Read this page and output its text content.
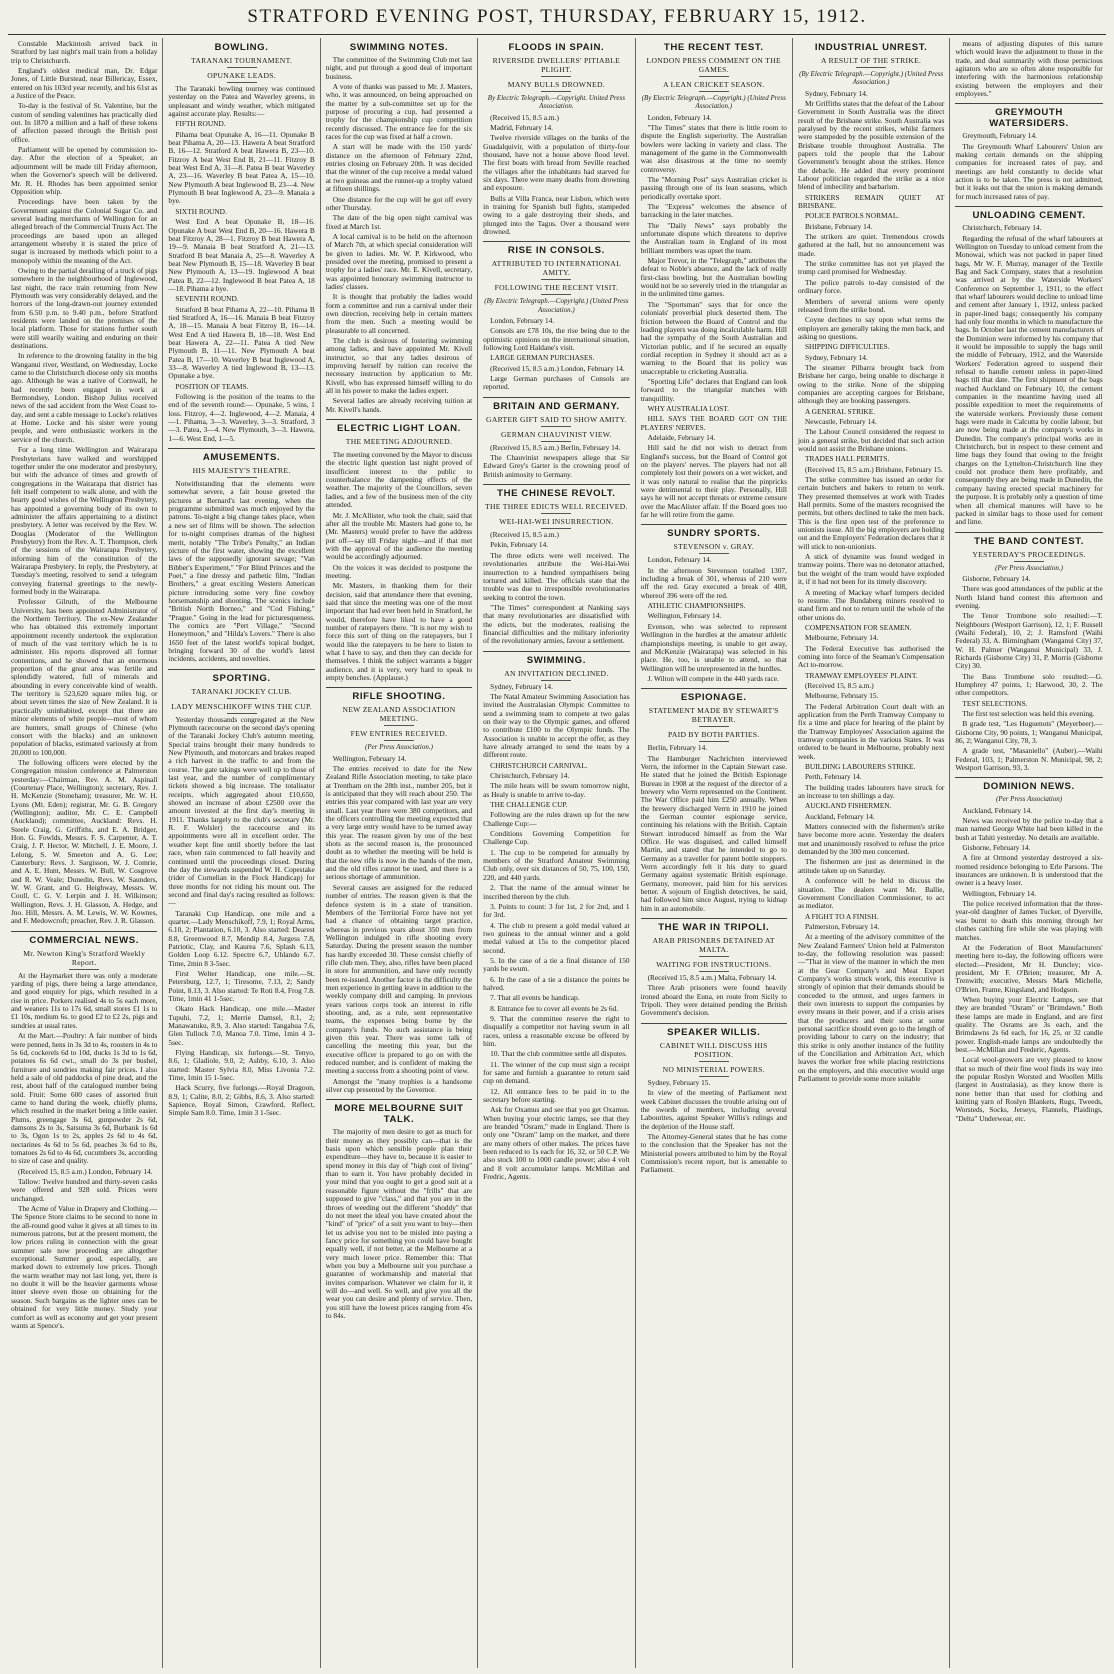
STRATFORD EVENING POST, THURSDAY, FEBRUARY 15, 1912.

Constable Mackintosh arrived back in Stratford by last night's mail train from a holiday trip to Christchurch.

England's oldest medical man, Dr. Edgar Jones, of Little Burstead, near Billericay, Essex, entered on his 103rd year recently, and his 61st as a Justice of the Peace.

To-day is the festival of St. Valentine, but the custom of sending valentines has practically died out. In 1870 a million and a half of these tokens of affection passed through the British post office.

Parliament will be opened by commission to-day. After the election of a Speaker, an adjournment will be made till Friday afternoon, when the Governor's speech will be delivered. Mr. R. H. Rhodes has been appointed senior Opposition whip.

Proceedings have been taken by the Government against the Colonial Sugar Co. and several leading merchants of Wellington for an alleged breach of the Commercial Trusts Act. The proceedings are based upon an alleged arrangement whereby it is stated the price of sugar is increased by methods which point to a monopoly within the meaning of the Act.

Owing to the partial derailing of a truck of pigs somewhere in the neighbourhood of Inglewood, last night, the race train returning from New Plymouth was very considerably delayed, and the horrors of the long-drawn-out journey extended from 6.50 p.m. to 9.40 p.m., before Stratford residents were landed on the premises of the local platform. Those for stations further south were still wearily waiting and enduring on their destinations.

In reference to the drowning fatality in the big Wanganui river, Westland, on Wednesday, Locke came to the Christchurch diocese only six months ago. Although he was a native of Cornwall, he had recently been engaged in work at Bermondsey, London. Bishop Julius received news of the sad accident from the West Coast to-day, and sent a cable message to Locke's relatives at Home. Locke and his sister were young people, and were enthusiastic workers in the service of the church.

For a long time Wellington and Wairarapa Presbyterians have walked and worshipped together under the one moderator and presbytery, but with the advance of times and growth of congregations in the Wairarapa that district has felt itself competent to walk alone, and with the hearty good wishes of the Wellington Presbytery, has appointed a governing body of its own to administer the affairs appertaining to a distinct presbytery. A letter was received by the Rev. W. Douglas (Moderator of the Wellington Presbytery) from the Rev. A. T. Thompson, clerk of the sessions of the Wairarapa Presbytery, informing him of the constitution of the Wairarapa Presbytery. In reply, the Presbytery, at Tuesday's meeting, resolved to send a telegram conveying fraternal greetings to the newly-formed body in the Wairarapa.

Professor Gilruth, of the Melbourne University, has been appointed Administrator of the Northern Territory. The ex-New Zealander who has obtained this extremely important appointment recently undertook the exploration of much of the vast territory which he is to administer. His reports disproved all former contentions, and he showed that an enormous proportion of the great area was fertile and splendidly watered, full of minerals and abounding in every conceivable kind of wealth. The territory is 523,620 square miles big, or about seven times the size of New Zealand. It is practically uninhabited, except that there are minor elements of white people—most of whom are hunters, small groups of Chinese (who consort with the blacks) and an unknown population of blacks, estimated variously at from 20,000 to 100,000.

The following officers were elected by the Congregation mission conference at Palmerston yesterday:—Chairman, Rev. A. M. Aspinall (Courtenay Place, Wellington); secretary, Rev. J. H. McKenzie (Stoneham); treasurer, Mr. W. H. Lyons (Mt. Eden); registrar, Mr. G. B. Gregory (Wellington); auditor, Mr. C. E. Campbell (Auckland); committee, Auckland: Revs. H. Steele Craig, G. Griffiths, and E. A. Bridger, Hon. G. Fowlds, Messrs. F. S. Carpenter, A. T. Craig, J. P. Hector, W. Mitchell, J. E. Moore, J. Lelong, S. W. Smeeton and A. G. Lee; Canterbury: Revs. J. Sargisson, W. J. Comrie, and A. E. Hunt, Messrs. W. Bull, W. Cosgrove and R. W. Veale; Dunedin, Revs. W. Saunders, W. W. Grant, and G. Heighway, Messrs. W. Coull, C. G. V. Lerpin and J. H. Wilkinson; Wellington, Revs. J. H. Glasson, A. Hedge, and Jno. Hill, Messrs. A. M. Lewis, W. W. Kownes, and F. Medowcroft; preacher, Rev. J. R. Glasson.

COMMERCIAL NEWS.
Mr. Newton King's Stratford Weekly Report.

At the Haymarket there was only a moderate yarding of pigs, there being a large attendance, and good enquiry for pigs, which resulted in a rise in price. Porkers realised 4s to 5s each more, and weaners 11s to 17s 6d, small stores £1 1s to £1 10s, medium 6s. to good £2 to £2 2s, pigs and sundries at usual rates.

At the Mart.—Poultry: A fair number of birds were penned, hens in 3s 3d to 4s, roosters in 4s to 5s 6d, cockerels 6d to 10d, ducks 1s 3d to 1s 6d, potatoes 6s 6d cwt., small do 3s per bushel, furniture and sundries making fair prices. I also held a sale of old paddocks of pine dead, and the rest, about half of the catalogued number being sold. Fruit: Some 600 cases of assorted fruit came to hand during the week, chiefly plums, which resulted in the market being a little easier. Plums, greengage 3s 6d, gunpowder 2s 6d, damsons 2s to 3s, Satsuma 3s 6d, Burbank 1s 6d to 3s, Ogon 1s to 2s, apples 2s 6d to 4s 6d, nectarines 4s 6d to 5s 6d, peaches 3s 6d to 8s, tomatoes 2s 6d to 4s 6d, cucumbers 3s, according to size of case and quality.

(Received 15, 8.5 a.m.) London, February 14.

Tallow: Twelve hundred and thirty-seven casks were offered and 928 sold. Prices were unchanged.

The Acme of Value in Drapery and Clothing.—The Spence Store claims to be second to none in the all-round good value it gives at all times to its numerous patrons, but at the present moment, the low prices ruling in connection with the great summer sale now proceeding are altogether exceptional. Summer good, especially, are marked down to extremely low prices. Though the warm weather may not last long, yet, there is no doubt it will be the heavier garments whose inner sleeve even those on obtaining for the season. Such bargains as the lighter ones can be obtained for very little money. Study your comfort as well as economy and get your present wants at Spence's.

BOWLING.
TARANAKI TOURNAMENT.
OPUNAKE LEADS.

The Taranaki bowling tourney was continued yesterday on the Patea and Waverley greens, in unpleasant and windy weather, which mitigated against accurate play. Results:—

FIFTH ROUND.

Pihama beat Opunake A, 16—11. Opunake B beat Pihama A, 20—13. Hawera A beat Stratford B, 16—12. Stratford A beat Hawera B, 23—10. Fitzroy A beat West End B, 21—11. Fitzroy B beat West End A, 31—8. Patea B beat Waverley A, 23—16. Waverley B beat Patea A, 15—10. New Plymouth A beat Inglewood B, 23—4. New Plymouth B beat Inglewood A, 23—9. Manaia a bye.

SIXTH ROUND.

West End A beat Opunake B, 18—16. Opunake A beat West End B, 20—16. Hawera B beat Fitzroy A, 28—1. Fitzroy B beat Hawera A, 19—9. Manaia B beat Stratford A, 21—13. Stratford B beat Manaia A, 25—8. Waverley A beat New Plymouth B, 15—18. Waverley B beat New Plymouth A, 13—19. Inglewood A beat Patea B, 22—12. Inglewood B beat Patea A, 18—18. Pihama a bye.

SEVENTH ROUND.

Stratford B beat Pihama A, 22—10. Pihama B tied Stratford A, 16—16. Manaia B beat Fitzroy A, 18—15. Manaia A beat Fitzroy B, 16—14. West End A tied Hawera B, 18—18. West End beat Hawera A, 22—11. Patea A tied New Plymouth B, 11—11. New Plymouth A beat Patea B, 17—10. Waverley B beat Inglewood A, 33—8. Waverley A tied Inglewood B, 13—13. Opunake a bye.

POSITION OF TEAMS.

Following is the position of the teams to the end of the seventh round:— Opunake, 5 wins, 1 loss. Fitzroy, 4—2. Inglewood, 4—2. Manaia, 4—1. Pihama, 3—3. Waverley, 3—3. Stratford, 3—3. Patea, 3—4. New Plymouth, 3—3. Hawera, 1—6. West End, 1—5.

AMUSEMENTS.
HIS MAJESTY'S THEATRE.

Notwithstanding that the elements were somewhat severe, a fair house greeted the pictures at Bernard's last evening, when the programme submitted was much enjoyed by the patrons. To-night a big change takes place, when a new set of films will be shown. The selection for to-night comprises dramas of the highest merit, notably "The Tribe's Penalty," an Indian picture of the first water, showing the excellent laws of the supposedly ignorant savage; "Van Bibber's Experiment," "For Blind Princes and the Poet," a fine dressy and pathetic film, "Indian Brothers," a great exciting Western American picture introducing some very fine cowboy horsemanship and shooting. The scenics include "British North Borneo," and "Cod Fishing," "Prague." Going in the lead for picturesqueness. The comics are "Pert Village," "Second Honeymoon," and "Hilda's Lovers." There is also 1650 feet of the latest world's topical budget, bringing forward 30 of the world's latest incidents, accidents, and novelties.

SPORTING.
TARANAKI JOCKEY CLUB.
LADY MENSCHIKOFF WINS THE CUP.

Yesterday thousands congregated at the New Plymouth racecourse on the second day's opening of the Taranaki Jockey Club's autumn meeting. Special trains brought their many hundreds to New Plymouth, and motorcars and brakes reaped a rich harvest in the traffic to and from the course. The gate takings were well up to those of last year, and the number of complimentary tickets showed a big increase. The totalisator receipts, which aggregated about £10,650, showed an increase of about £2500 over the amount invested at the first day's meeting in 1911. Thanks largely to the club's secretary (Mr. R. F. Wolsler) the racecourse and its appointments were all in excellent order. The weather kept fine until shortly before the last race, when rain commenced to fall heavily and continued until the proceedings closed. During the day the stewards suspended W. H. Copestake (rider of Cornelian in the Flock Handicap) for three months for not riding his mount out. The second and final day's racing resulted as follows:—

Taranaki Cup Handicap, one mile and a quarter.—Lady Menschikoff, 7.9, 1; Royal Arms, 6.10, 2; Plantation, 6.10, 3. Also started: Dearest 8.8, Greenwood 8.7, Mendip 8.4, Jurgess 7.8, Patriotic, Clay, and Kaurea 7.6, Splash 6.13, Golden Loop 6.12. Spectre 6.7, Uhlando 6.7. Time, 2min 8 3-5sec.

First Welter Handicap, one mile.—St. Petersburg, 12.7, 1; Tiresome, 7.13, 2; Sandy Point, 8.13, 3. Also started: Te Roti 8.4, Frog 7.8. Time, 1min 41 1-5sec.

Okato Hack Handicap, one mile.—Master Tupuhi, 7.2, 1; Merrie Damsel, 8.1, 2; Manawatuku, 8.9, 3. Also started: Tangahua 7.6, Glen Tullock 7.0, Manoa 7.0. Time, 1min 4 3-5sec.

Flying Handicap, six furlongs.—St. Tenyo, 8.6, 1; Gladiole, 9.0, 2; Ashby, 6.10, 3. Also started: Master Sylvia 8.0, Miss Livonia 7.2. Time, 1min 15 1-5sec.

Hack Scurry, five furlongs.—Royal Dragoon, 8.9, 1; Calite, 8.0, 2; Gibbs, 8.6, 3. Also started: Sapience, Royal Simon, Crawford, Reflect, Simple Sam 8.0. Time, 1min 3 1-5sec.

SWIMMING NOTES.

The committee of the Swimming Club met last night, and put through a good deal of important business.

A vote of thanks was passed to Mr. J. Masters, who, it was announced, on being approached on the matter by a sub-committee set up for the purpose of procuring a cup, had presented a trophy for the championship cup competition recently discussed. The entrance fee for the six races for the cup was fixed at half a crown.

A start will be made with the 150 yards' distance on the afternoon of February 22nd, entries closing on February 20th. It was decided that the winner of the cup receive a medal valued at two guineas and the runner-up a trophy valued at fifteen shillings.

One distance for the cup will be got off every other Thursday.

The date of the big open night carnival was fixed at March 1st.

A local carnival is to be held on the afternoon of March 7th, at which special consideration will be given to ladies. Mr. W. P. Kirkwood, who presided over the meeting, promised to present a trophy for a ladies' race. Mr. E. Kivell, secretary, was appointed honorary swimming instructor to ladies' classes.

It is thought that probably the ladies would form a committee and run a carnival under their own direction, receiving help in certain matters from the men. Such a meeting would be pleasurable to all concerned.

The club is desirous of fostering swimming among ladies, and have appointed Mr. Kivell instructor, so that any ladies desirous of improving herself by tuition can receive the necessary instruction by application to Mr. Kivell, who has expressed himself willing to do all in his power to make the ladies expert.

Several ladies are already receiving tuition at Mr. Kivell's hands.

ELECTRIC LIGHT LOAN.
THE MEETING ADJOURNED.

The meeting convened by the Mayor to discuss the electric light question last night proved of insufficient interest to the public to counterbalance the dampening effects of the weather. The majority of the Councillors, seven ladies, and a few of the business men of the city attended.

Mr. J. McAllister, who took the chair, said that after all the trouble Mr. Masters had gone to, he (Mr. Masters) would prefer to have the address put off—say till Friday night—and if that met with the approval of the audience the meeting would be accordingly adjourned.

On the voices it was decided to postpone the meeting.

Mr. Masters, in thanking them for their decision, said that attendance there that evening, said that since the meeting was one of the most important that had ever been held in Stratford, he would, therefore have liked to have a good number of ratepayers there. "It is not my wish to force this sort of thing on the ratepayers, but I would like the ratepayers to be here to listen to what I have to say, and then they can decide for themselves. I think the subject warrants a bigger audience, and it is very, very hard to speak to empty benches. (Applause.)

RIFLE SHOOTING.
NEW ZEALAND ASSOCIATION MEETING.
FEW ENTRIES RECEIVED.
(Per Press Association.)

Wellington, February 14.

The entries received to date for the New Zealand Rifle Association meeting, to take place at Trentham on the 28th inst., number 205, but it is anticipated that they will reach about 250. The entries this year compared with last year are very small. Last year there were 380 competitors, and the officers controlling the meeting expected that a very large entry would have to be turned away this year. The reason given by one of the best shots as the second reason is, the pronounced doubt as to whether the meeting will be held is that the new rifle is now in the hands of the men, and the old rifles cannot be used, and there is a serious shortage of ammunition.

Several causes are assigned for the reduced number of entries. The reason given is that the defence system is in a state of transition. Members of the Territorial Force have not yet had a chance of obtaining target practice, whereas in previous years about 350 men from Wellington indulged in rifle shooting every Saturday. During the present season the number has hardly exceeded 30. These consist chiefly of rifle club men. They, also, rifles have been placed in store for ammunition, and have only recently been re-issued. Another factor is the difficulty the men experience in getting leave in addition to the weekly company drill and camping. In previous years various corps took an interest in rifle shooting, and, as a rule, sent representative teams, the expenses being borne by the company's funds. No such assistance is being given this year. There was some talk of cancelling the meeting this year, but the executive officer is prepared to go on with the reduced number, and is confident of making the meeting a success from a shooting point of view.

Amongst the "many trophies is a handsome silver cup presented by the Governor.

MORE MELBOURNE SUIT TALK.

The majority of men desire to get as much for their money as they possibly can—that is the basis upon which sensible people plan their expenditure—they have to, because it is easier to spend money in this day of "high cost of living" than to earn it. You have probably decided in your mind that you ought to get a good suit at a reasonable figure without the "frills" that are supposed to give "class," and that you are in the throes of weeding out the different "shoddy" that do not meet the ideal you have created about the "kind" of "price" of a suit you want to buy—then let us advise you not to be misled into paying a fancy price for something you could have bought equally well, if not better, at the Melbourne at a very much lower price. Remember this: That when you buy a Melbourne suit you purchase a guarantee of workmanship and material that invites comparison. Whatever we claim for it, it will do—and well. So well, and give you all the wear you can desire and plenty of service. Then, you still have the lowest prices ranging from 45s to 84s.

FLOODS IN SPAIN.
RIVERSIDE DWELLERS' PITIABLE PLIGHT.
MANY BULLS DROWNED.
By Electric Telegraph.—Copyright. United Press Association.

(Received 15, 8.5 a.m.)

Madrid, February 14.

Twelve riverside villages on the banks of the Guadalquivir, with a population of thirty-four thousand, have not a house above flood level. The first boats with bread from Seville reached the villages after the inhabitants had starved for six days. There were many deaths from drowning and exposure.

Bulls at Villa Franca, near Lisbon, which were in training for Spanish bull fights, stampeded owing to a gale destroying their sheds, and plunged into the Tagus. Over a thousand were drowned.

RISE IN CONSOLS.
ATTRIBUTED TO INTERNATIONAL AMITY.
FOLLOWING THE RECENT VISIT.
(By Electric Telegraph.—Copyright.) (United Press Association.)

London, February 14.

Consols are £78 10s, the rise being due to the optimistic opinions on the international situation, following Lord Haldane's visit.

LARGE GERMAN PURCHASES.

(Received 15, 8.5 a.m.) London, February 14.

Large German purchases of Consols are reported.

BRITAIN AND GERMANY.
GARTER GIFT SAID TO SHOW AMITY.
GERMAN CHAUVINIST VIEW.

(Received 15, 8.5 a.m.) Berlin, February 14.

The Chauvinist newspapers allege that Sir Edward Grey's Garter is the crowning proof of British animosity to Germany.

THE CHINESE REVOLT.
THE THREE EDICTS WELL RECEIVED.
WEI-HAI-WEI INSURRECTION.

(Received 15, 8.5 a.m.)

Pekin, February 14.

The three edicts were well received. The revolutionaries attribute the Wei-Hai-Wei insurrection to a hundred sympathisers being tortured and killed. The officials state that the trouble was due to irresponsible revolutionaries seeking to control the town.

"The Times" correspondent at Nanking says that many revolutionaries are dissatisfied with the edicts, but the moderates, realising the financial difficulties and the military inferiority of the revolutionary armies, favour a settlement.

SWIMMING.
AN INVITATION DECLINED.

Sydney, February 14.

The Natal Amateur Swimming Association has invited the Australasian Olympic Committee to send a swimming team to compete at two galas on their way to the Olympic games, and offered to contribute £100 to the Olympic funds. The Association is unable to accept the offer, as they have already arranged to send the team by a different route.

CHRISTCHURCH CARNIVAL.

Christchurch, February 14.

The mile heats will be swum tomorrow night, as Healy is unable to arrive to-day.

THE CHALLENGE CUP.

Following are the rules drawn up for the new Challenge Cup:—

Conditions Governing Competition for Challenge Cup.

1. The cup to be competed for annually by members of the Stratford Amateur Swimming Club only, over six distances of 50, 75, 100, 150, 220, and 440 yards.

2. That the name of the annual winner be inscribed thereon by the club.

3. Points to count: 3 for 1st, 2 for 2nd, and 1 for 3rd.

4. The club to present a gold medal valued at two guineas to the annual winner and a gold medal valued at 15s to the competitor placed second.

5. In the case of a tie a final distance of 150 yards be swum.

6. In the case of a tie a distance the points be halved.

7. That all events be handicap.

8. Entrance fee to cover all events be 2s 6d.

9. That the committee reserve the right to disqualify a competitor not having swum in all races, unless a reasonable excuse be offered by him.

10. That the club committee settle all disputes.

11. The winner of the cup must sign a receipt for same and furnish a guarantee to return said cup on demand.

12. All entrance fees to be paid in to the secretary before starting.

Ask for Oxamus and see that you get Oxamus. When buying your electric lamps, see that they are branded "Osram," made in England. There is only one "Osram" lamp on the market, and there are many others of other makes. The prices have been reduced to 1s each for 16, 32, or 50 C.P. We also stock 100 to 1000 candle power; also 4 volt and 8 volt accumulator lamps. McMillan and Fredric, Agents.

THE RECENT TEST.
LONDON PRESS COMMENT ON THE GAMES.
A LEAN CRICKET SEASON.
(By Electric Telegraph.—Copyright.) (United Press Association.)

London, February 14.

"The Times" states that there is little room to dispute the English superiority. The Australian bowlers were lacking in variety and class. The management of the game in the Commonwealth was also disastrous at the time no seemly controversy.

The "Morning Post" says Australian cricket is passing through one of its lean seasons, which periodically overtake sport.

The "Express" welcomes the absence of barracking in the later matches.

The "Daily News" says probably the unfortunate dispute which threatens to deprive the Australian team in England of its most brilliant members was upset the team.

Major Trevor, in the "Telegraph," attributes the defeat to Noble's absence, and the lack of really first-class bowling, but the Australian bowling would not be so severely tried in the triangular as in the unlimited time games.

The "Sportsman" says that for once the colonials' proverbial pluck deserted them. The friction between the Board of Control and the leading players was doing incalculable harm. Hill had the sympathy of the South Australian and Victorian public, and if he secured an equally cordial reception in Sydney it should act as a warning to the Board that its policy was unacceptable to cricketing Australia.

"Sporting Life" declares that England can look forward to the triangular matches with tranquillity.

WHY AUSTRALIA LOST.

HILL SAYS THE BOARD GOT ON THE PLAYERS' NERVES.

Adelaide, February 14.

Hill said he did not wish to detract from England's success, but the Board of Control got on the players' nerves. The players had not all completely lost their powers on a wet wicket, and it was only natural to realise that the pinpricks were detrimental to their play. Personally, Hill says he will not accept threats or extreme censure over the MacAlister affair. If the Board goes too far he will retire from the game.

SUNDRY SPORTS.
STEVENSON v. GRAY.

London, February 14.

In the afternoon Stevenson totalled 1307, including a break of 301, whereas of 210 were off the red. Gray executed a break of 408, whereof 396 were off the red.

ATHLETIC CHAMPIONSHIPS.

Wellington, February 14.

Evenson, who was selected to represent Wellington in the hurdles at the amateur athletic championships meeting, is unable to get away, and McKenzie (Wairarapa) was selected in his place. He, too, is unable to attend, so that Wellington will be unrepresented in the hurdles.

J. Wilton will compete in the 440 yards race.

ESPIONAGE.
STATEMENT MADE BY STEWART'S BETRAYER.
PAID BY BOTH PARTIES.

Berlin, February 14.

The Hamburger Nachrichten interviewed Verrn, the informer in the Captain Stewart case. He stated that he joined the British Espionage Bureau in 1908 at the request of the director of a brewery who Verrn represented on the Continent. The War Office paid him £250 annually. When the brewery discharged Verrn in 1910 he joined the German counter espionage service, continuing his relations with the British. Captain Stewart introduced himself as from the War Office. He was disguised, and called himself Martin, and stated that he intended to go to Germany as a traveller for patent bottle stoppers. Verrn accordingly felt it his duty to guard Germany against systematic British espionage. Germany, moreover, paid him for his services better. A sojourn of English detectives, he said, had followed him since August, trying to kidnap him in an automobile.

THE WAR IN TRIPOLI.
ARAB PRISONERS DETAINED AT MALTA.
WAITING FOR INSTRUCTIONS.

(Received 15, 8.5 a.m.) Malta, February 14.

Three Arab prisoners were found heavily ironed aboard the Euna, en route from Sicily to Tripoli. They were detained pending the British Government's decision.

SPEAKER WILLIS.
CABINET WILL DISCUSS HIS POSITION.
NO MINISTERIAL POWERS.

Sydney, February 15.

In view of the meeting of Parliament next week Cabinet discusses the trouble arising out of the swords of members, including several Labourites, against Speaker Willis's rulings and the depletion of the House staff.

The Attorney-General states that he has come to the conclusion that the Speaker has not the Ministerial powers attributed to him by the Royal Commission's recent report, but is amenable to Parliament.

INDUSTRIAL UNREST.
A RESULT OF THE STRIKE.
(By Electric Telegraph.—Copyright.) (United Press Association.)

Sydney, February 14.

Mr Griffiths states that the defeat of the Labour Government in South Australia was the direct result of the Brisbane strike. South Australia was paralysed by the recent strikes, whilst farmers were stampeded by the possible extension of the Brisbane trouble throughout Australia. The papers told the people that the Labour Government's brought about the strikes. Hence the debacle. He added that every prominent Labour politician regarded the strike as a nice blend of imbecility and barbarism.

STRIKERS REMAIN QUIET AT BRISBANE.

POLICE PATROLS NORMAL.

Brisbane, February 14.

The strikers are quiet. Tremendous crowds gathered at the hall, but no announcement was made.

The strike committee has not yet played the trump card promised for Wednesday.

The police patrols to-day consisted of the ordinary force.

Members of several unions were openly released from the strike bond.

Coyne declines to say upon what terms the employers are generally taking the men back, and asking no questions.

SHIPPING DIFFICULTIES.

Sydney, February 14.

The steamer Pilbarra brought back from Brisbane her cargo, being unable to discharge it owing to the strike. None of the shipping companies are accepting cargoes for Brisbane, although they are booking passengers.

A GENERAL STRIKE.

Newcastle, February 14.

The Labour Council considered the request to join a general strike, but decided that such action would not assist the Brisbane unions.

TRADES HALL PERMITS.

(Received 15, 8.5 a.m.) Brisbane, February 15.

The strike committee has issued an order for certain butchers and bakers to return to work. They presented themselves at work with Trades Hall permits. Some of the masters recognised the permits, but others declined to take the men back. This is the first open test of the preference to unionists issue. All the big employers are holding out and the Employers' Federation declares that it will stick to non-unionists.

A stick of dynamite was found wedged in tramway points. There was no detonator attached, but the weight of the tram would have exploded it, if it had not been for its timely discovery.

A meeting of Mackay wharf lumpers decided to resume. The Bundaberg miners resolved to stand firm and not to return until the whole of the other unions do.

COMPENSATION FOR SEAMEN.

Melbourne, February 14.

The Federal Executive has authorised the coming into force of the Seaman's Compensation Act to-morrow.

TRAMWAY EMPLOYEES' PLAINT.

(Received 15, 8.5 a.m.)

Melbourne, February 15.

The Federal Arbitration Court dealt with an application from the Perth Tramway Company to fix a time and place for hearing of the plaint by the Tramway Employees' Association against the tramway companies in the various States. It was ordered to be heard in Melbourne, probably next week.

BUILDING LABOURERS STRIKE.

Perth, February 14.

The building trades labourers have struck for an increase to ten shillings a day.

AUCKLAND FISHERMEN.

Auckland, February 14.

Matters connected with the fishermen's strike have become more acute. Yesterday the dealers met and unanimously resolved to refuse the price demanded by the 300 men concerned.

The fishermen are just as determined in the attitude taken up on Saturday.

A conference will be held to discuss the situation. The dealers want Mr. Ballie, Government Conciliation Commissioner, to act as mediator.

A FIGHT TO A FINISH.

Palmerston, February 14.

At a meeting of the advisory committee of the New Zealand Farmers' Union held at Palmerston to-day, the following resolution was passed:—"That in view of the manner in which the men at the Gear Company's and Meat Export Company's works struck work, this executive is strongly of opinion that their demands should be conceded to the utmost, and urges farmers in their own interests to support the companies by every means in their power, and if a crisis arises that the producers and their sons at some personal sacrifice should even go to the length of providing labour to carry on the industry; that this strike is only another instance of the futility of the Conciliation and Arbitration Act, which leaves the worker free while placing restrictions on the employers, and this executive would urge Parliament to provide some more suitable

means of adjusting disputes of this nature which would leave the adjustment to those in the trade, and deal summarily with those pernicious agitators who are so often alone responsible for interfering with the harmonious relationship existing between the employers and their employees."

GREYMOUTH WATERSIDERS.

Greymouth, February 14.

The Greymouth Wharf Labourers' Union are making certain demands on the shipping companies for increased rates of pay, and meetings are held constantly to decide what action is to be taken. The press is not admitted, but it leaks out that the union is making demands for much increased rates of pay.

UNLOADING CEMENT.

Christchurch, February 14.

Regarding the refusal of the wharf labourers at Wellington on Tuesday to unload cement from the Monowai, which was not packed in paper lined bags, Mr W. F. Murray, manager of the Textile Bag and Sack Company, states that a resolution was arrived at by the Waterside Workers' Conference on September 1, 1911, to the effect that wharf labourers would decline to unload lime and cement after January 1, 1912, unless packed in paper-lined bags; consequently his company had only four months in which to manufacture the bags. In October last the cement manufacturers of the Dominion were informed by his company that it would be impossible to supply the bags until the middle of February, 1912, and the Waterside Workers' Federation agreed to suspend their refusal to handle cement unless in paper-lined bags till that date. The first shipment of the bags reached Auckland on February 10, the cement companies in the meantime having used all possible expedition to meet the requirements of the waterside workers. Previously these cement bags were made in Calcutta by coolie labour, but are now being made at the company's works in Dunedin. The company's principal works are in Christchurch, but in respect to these cement and lime bags they found that owing to the freight charges on the Lyttelton-Christchurch line they could not produce them here profitably, and consequently they are being made in Dunedin, the company having erected special machinery for the purpose. It is probably only a question of time when all chemical manures will have to be packed in similar bags to those used for cement and lime.

THE BAND CONTEST.
YESTERDAY'S PROCEEDINGS.
(Per Press Association.)

Gisborne, February 14.

There was good attendances of the public at the North Island band contest this afternoon and evening.

The Tenor Trombone solo resulted:—T. Neighbours (Westport Garrison), 12, 1; F. Russell (Waihi Federal), 10, 2; J. Ramsford (Waihi Federal) 33, A. Birmingham (Wanganui City) 37, W. H. Palmer (Wanganui Municipal) 33, J. Richards (Gisborne City) 31, P. Morris (Gisborne City) 30.

The Bass Trombone solo resulted:—G. Humphrey 47 points, 1; Harwood, 30, 2. The other competitors.

TEST SELECTIONS.

The first test selection was held this evening.

B grade test, "Les Huguenots" (Meyerbeer).—Gisborne City, 90 points, 1; Wanganui Municipal, 86, 2; Wanganui City, 78, 3.

A grade test, "Masaniello" (Auber).—Waihi Federal, 103, 1; Palmerston N. Municipal, 98, 2; Westport Garrison, 93, 3.

DOMINION NEWS.
(Per Press Association)

Auckland, February 14.

News was received by the police to-day that a man named George White had been killed in the bush at Tahiti yesterday. No details are available.

Gisborne, February 14.

A fire at Ormond yesterday destroyed a six-roomed residence belonging to Erle Parsons. The insurances are unknown. It is understood that the owner is a heavy loser.

Wellington, February 14.

The police received information that the three-year-old daughter of James Tucker, of Dyerville, was burnt to death this morning through her clothes catching fire while she was playing with matches.

At the Federation of Boot Manufacturers' meeting here to-day, the following officers were elected:—President, Mr H. Duncley; vice-president, Mr F. O'Brien; treasurer, Mr A. Trenwith; executive, Messrs Mark Michelle, O'Brien, Frame, Kingsland, and Hodgson.

When buying your Electric Lamps, see that they are branded "Osram" or "Brimdawn." Both these lamps are made in England, and are first quality. The Osrams are 3s each, and the Brimdawns 2s 6d each, for 16, 25, or 32 candle power. English-made lamps are undoubtedly the best.—McMillan and Frederic, Agents.

Local wool-growers are very pleased to know that so much of their fine wool finds its way into the popular Roslyn Worsted and Woollen Mills (largest in Australasia), as they know there is none better than that used for clothing and knitting yarn of Roslyn Blankets, Rugs, Tweeds, Worsteds, Socks, Jerseys, Flannels, Plaidings, "Delta" Underwear, etc.
